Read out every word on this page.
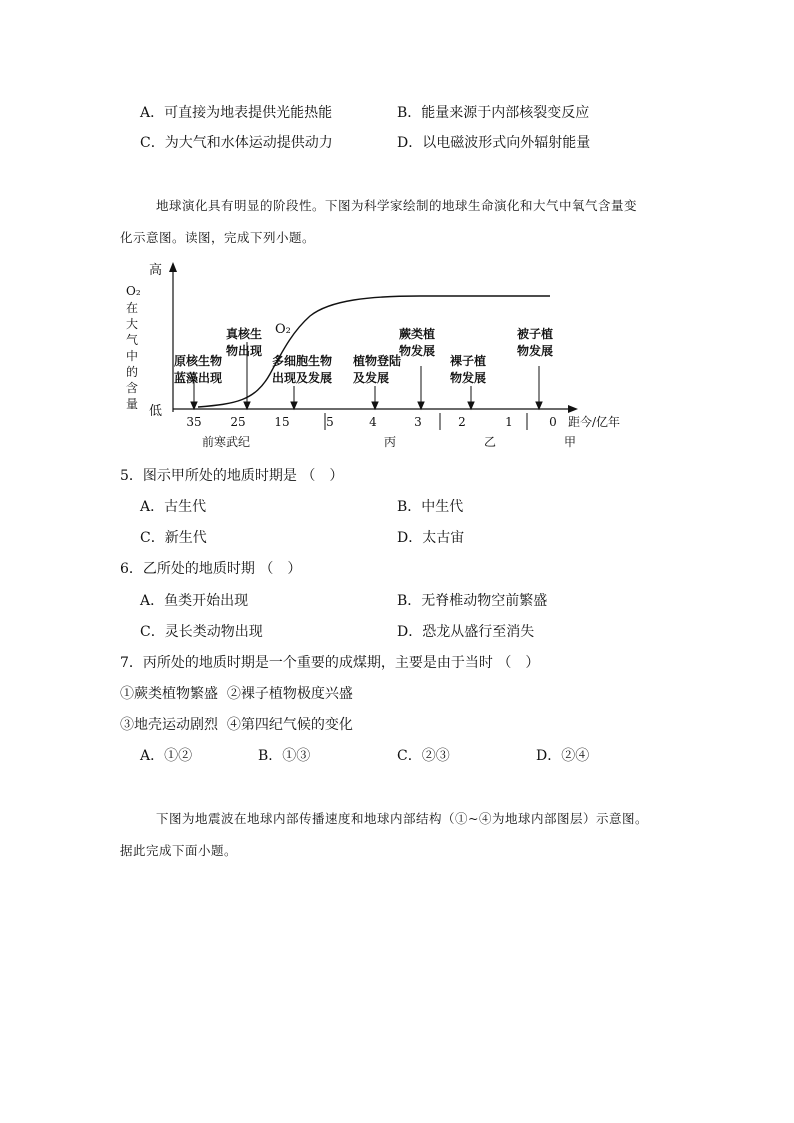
A．可直接为地表提供光能热能	B．能量来源于内部核裂变反应
C．为大气和水体运动提供动力	D．以电磁波形式向外辐射能量
地球演化具有明显的阶段性。下图为科学家绘制的地球生命演化和大气中氧气含量变
化示意图。读图，完成下列小题。
高
低
O₂
在
大
气
中
的
含
量
O₂
35 25 15	5	4	3	2	1	0 距今/亿年
前寒武纪	丙	乙	甲
原核生物
蓝藻出现
真核生
物出现
多细胞生物
出现及发展
植物登陆
及发展
蕨类植
物发展
裸子植
物发展
被子植
物发展
5．图示甲所处的地质时期是 （　）
A．古生代	B．中生代
C．新生代	D．太古宙
6．乙所处的地质时期 （　）
A．鱼类开始出现	B．无脊椎动物空前繁盛
C．灵长类动物出现	D．恐龙从盛行至消失
7．丙所处的地质时期是一个重要的成煤期，主要是由于当时 （　）
①蕨类植物繁盛  ②裸子植物极度兴盛
③地壳运动剧烈  ④第四纪气候的变化
A．①②	B．①③	C．②③	D．②④
下图为地震波在地球内部传播速度和地球内部结构（①~④为地球内部图层）示意图。
据此完成下面小题。
